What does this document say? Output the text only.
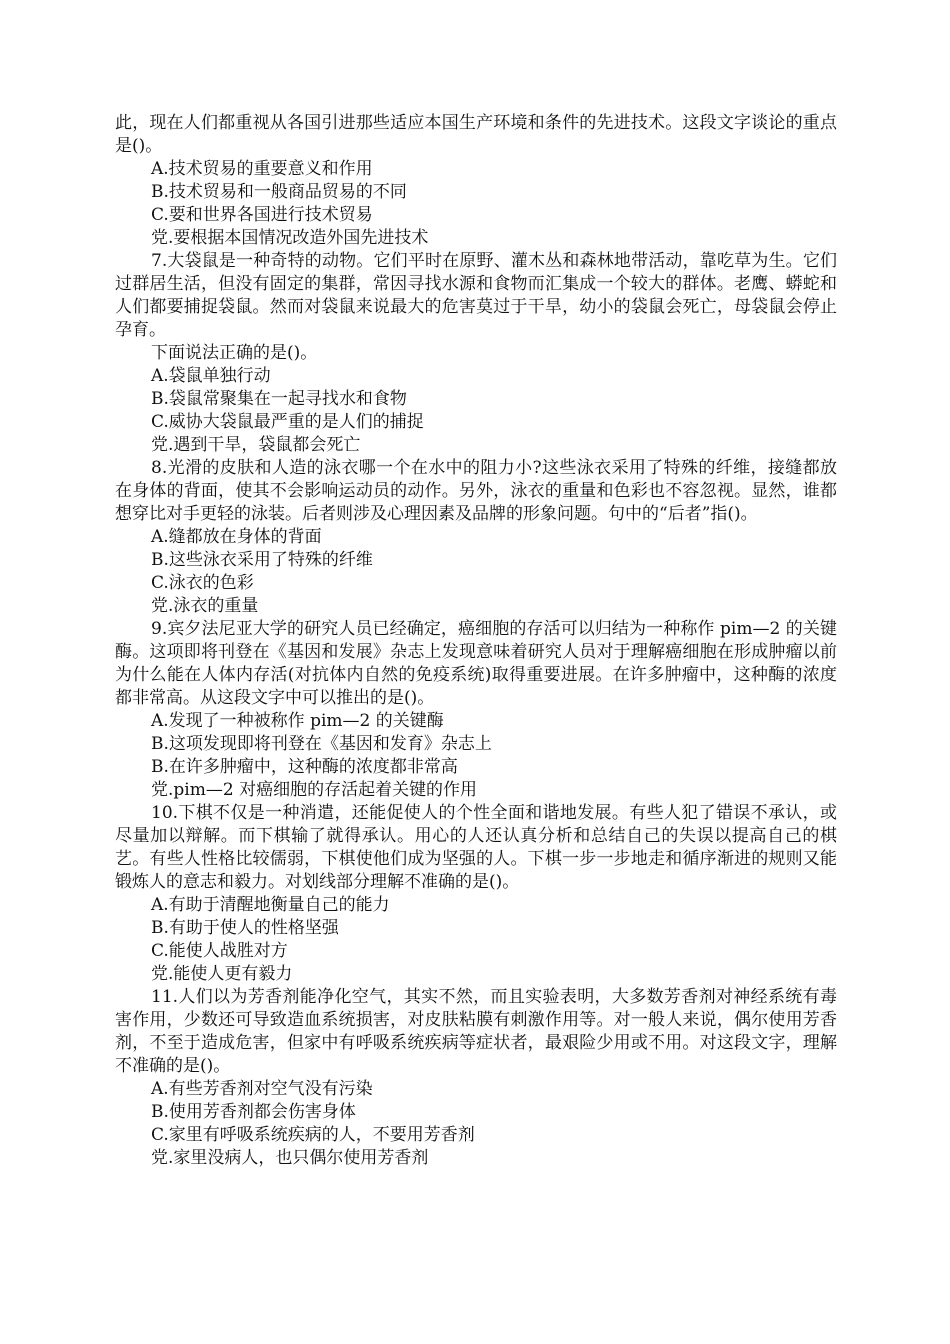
此，现在人们都重视从各国引进那些适应本国生产环境和条件的先进技术。这段文字谈论的重点是()。

A.技术贸易的重要意义和作用

B.技术贸易和一般商品贸易的不同

C.要和世界各国进行技术贸易

党.要根据本国情况改造外国先进技术

7.大袋鼠是一种奇特的动物。它们平时在原野、灌木丛和森林地带活动，靠吃草为生。它们过群居生活，但没有固定的集群，常因寻找水源和食物而汇集成一个较大的群体。老鹰、蟒蛇和人们都要捕捉袋鼠。然而对袋鼠来说最大的危害莫过于干旱，幼小的袋鼠会死亡，母袋鼠会停止孕育。

下面说法正确的是()。

A.袋鼠单独行动

B.袋鼠常聚集在一起寻找水和食物

C.威协大袋鼠最严重的是人们的捕捉

党.遇到干旱，袋鼠都会死亡

8.光滑的皮肤和人造的泳衣哪一个在水中的阻力小?这些泳衣采用了特殊的纤维，接缝都放在身体的背面，使其不会影响运动员的动作。另外，泳衣的重量和色彩也不容忽视。显然，谁都想穿比对手更轻的泳装。后者则涉及心理因素及品牌的形象问题。句中的“后者”指()。

A.缝都放在身体的背面

B.这些泳衣采用了特殊的纤维

C.泳衣的色彩

党.泳衣的重量

9.宾夕法尼亚大学的研究人员已经确定，癌细胞的存活可以归结为一种称作 pim—2 的关键酶。这项即将刊登在《基因和发展》杂志上发现意味着研究人员对于理解癌细胞在形成肿瘤以前为什么能在人体内存活(对抗体内自然的免疫系统)取得重要进展。在许多肿瘤中，这种酶的浓度都非常高。从这段文字中可以推出的是()。

A.发现了一种被称作 pim—2 的关键酶

B.这项发现即将刊登在《基因和发育》杂志上

B.在许多肿瘤中，这种酶的浓度都非常高

党.pim—2 对癌细胞的存活起着关键的作用

10.下棋不仅是一种消遣，还能促使人的个性全面和谐地发展。有些人犯了错误不承认，或尽量加以辩解。而下棋输了就得承认。用心的人还认真分析和总结自己的失误以提高自己的棋艺。有些人性格比较儒弱，下棋使他们成为坚强的人。下棋一步一步地走和循序渐进的规则又能锻炼人的意志和毅力。对划线部分理解不准确的是()。

A.有助于清醒地衡量自己的能力

B.有助于使人的性格坚强

C.能使人战胜对方

党.能使人更有毅力

11.人们以为芳香剂能净化空气，其实不然，而且实验表明，大多数芳香剂对神经系统有毒害作用，少数还可导致造血系统损害，对皮肤粘膜有刺激作用等。对一般人来说，偶尔使用芳香剂，不至于造成危害，但家中有呼吸系统疾病等症状者，最艰险少用或不用。对这段文字，理解不准确的是()。

A.有些芳香剂对空气没有污染

B.使用芳香剂都会伤害身体

C.家里有呼吸系统疾病的人，不要用芳香剂

党.家里没病人，也只偶尔使用芳香剂
